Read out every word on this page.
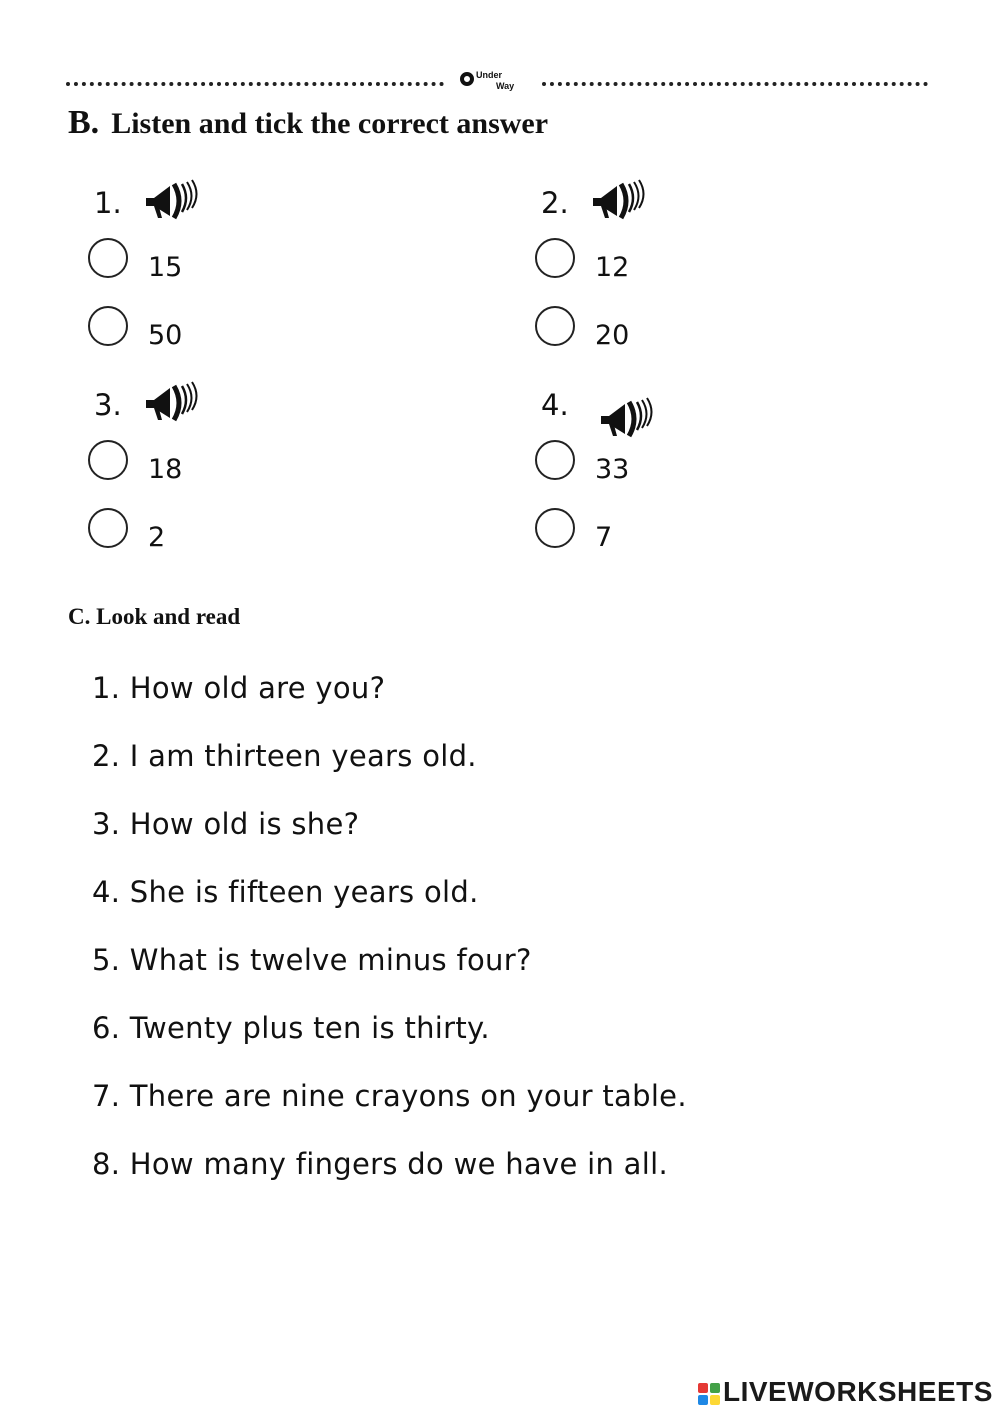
Under
Way
B. Listen and tick the correct answer
1.
15
50
2.
12
20
3.
18
2
4.
33
7
C. Look and read
1. How old are you?
2. I am thirteen years old.
3. How old is she?
4. She is fifteen years old.
5. What is twelve minus four?
6. Twenty plus ten is thirty.
7. There are nine crayons on your table.
8. How many fingers do we have in all.
LIVEWORKSHEETS
